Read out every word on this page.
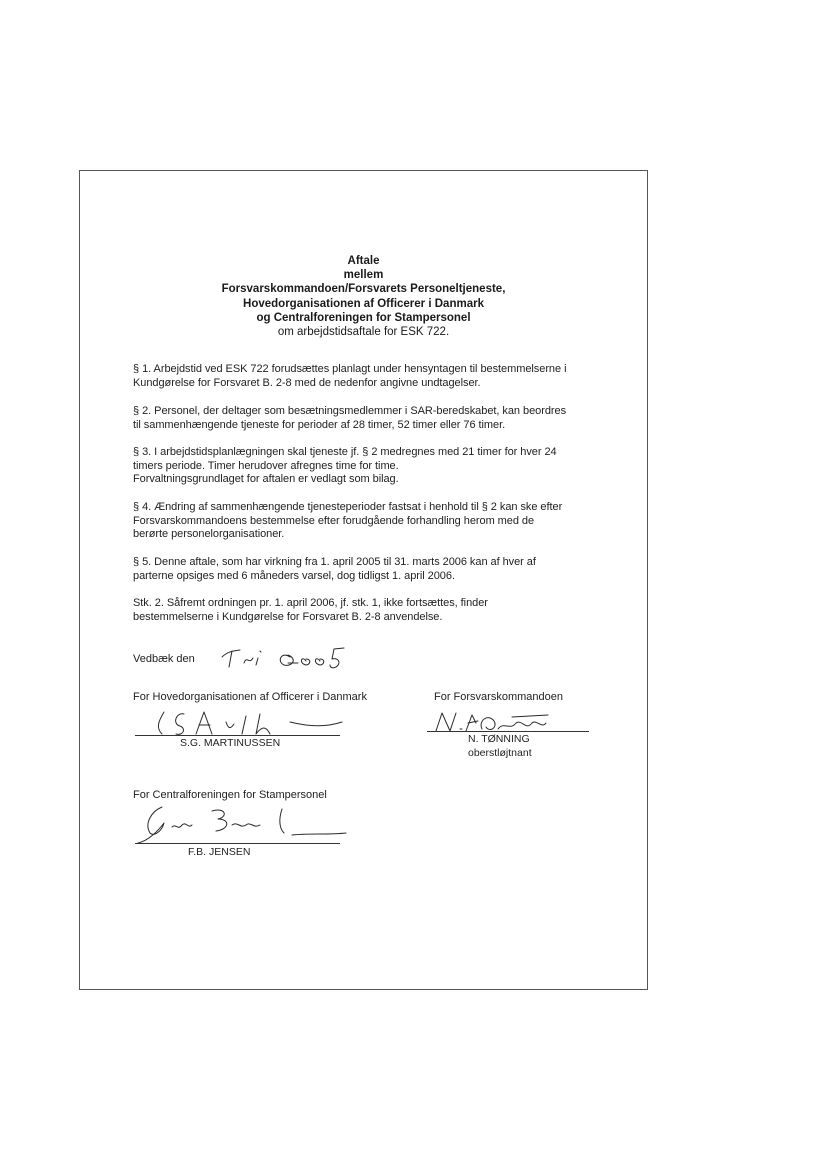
Aftale
mellem
Forsvarskommandoen/Forsvarets Personeltjeneste,
Hovedorganisationen af Officerer i Danmark
og Centralforeningen for Stampersonel
om arbejdstidsaftale for ESK 722.
§ 1. Arbejdstid ved ESK 722 forudsættes planlagt under hensyntagen til bestemmelserne i
Kundgørelse for Forsvaret B. 2-8 med de nedenfor angivne undtagelser.
§ 2. Personel, der deltager som besætningsmedlemmer i SAR-beredskabet, kan beordres
til sammenhængende tjeneste for perioder af 28 timer, 52 timer eller 76 timer.
§ 3. I arbejdstidsplanlægningen skal tjeneste jf. § 2 medregnes med 21 timer for hver 24
timers periode. Timer herudover afregnes time for time.
Forvaltningsgrundlaget for aftalen er vedlagt som bilag.
§ 4. Ændring af sammenhængende tjenesteperioder fastsat i henhold til § 2 kan ske efter
Forsvarskommandoens bestemmelse efter forudgående forhandling herom med de
berørte personelorganisationer.
§ 5. Denne aftale, som har virkning fra 1. april 2005 til 31. marts 2006 kan af hver af
parterne opsiges med 6 måneders varsel, dog tidligst 1. april 2006.
Stk. 2. Såfremt ordningen pr. 1. april 2006, jf. stk. 1, ikke fortsættes, finder
bestemmelserne i Kundgørelse for Forsvaret B. 2-8 anvendelse.
Vedbæk den
For Hovedorganisationen af Officerer i Danmark
S.G. MARTINUSSEN
For Forsvarskommandoen
N. TØNNING
oberstløjtnant
For Centralforeningen for Stampersonel
F.B. JENSEN
